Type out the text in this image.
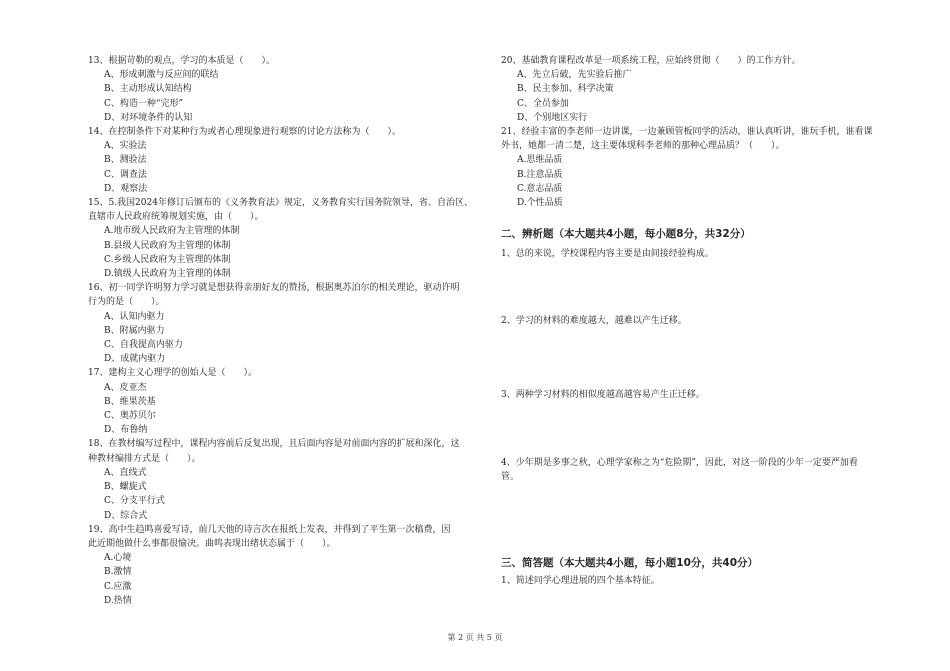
13、根据苛勒的观点，学习的本质是（　　）。
A、形成刺激与反应间的联结
B、主动形成认知结构
C、构造一种“完形”
D、对环境条件的认知
14、在控制条件下对某种行为或者心理现象进行观察的讨论方法称为（　　）。
A、实验法
B、测验法
C、调查法
D、观察法
15、5.我国2024年修订后颁布的《义务教育法》规定，义务教育实行国务院领导，省、自治区、
直辖市人民政府统筹规划实施，由（　　）。
A.地市级人民政府为主管理的体制
B.县级人民政府为主管理的体制
C.乡级人民政府为主管理的体制
D.镇级人民政府为主管理的体制
16、初一同学许明努力学习就是想获得亲朋好友的赞扬，根据奥苏泊尔的相关理论，驱动许明
行为的是（　　）。
A、认知内驱力
B、附属内驱力
C、自我提高内驱力
D、成就内驱力
17、建构主义心理学的创始人是（　　）。
A、皮亚杰
B、维果茨基
C、奥苏贝尔
D、布鲁纳
18、在教材编写过程中，课程内容前后反复出现，且后面内容是对前面内容的扩展和深化，这
种教材编排方式是（　　）。
A、直线式
B、螺旋式
C、分支平行式
D、综合式
19、高中生趋鸣喜爱写诗，前几天他的诗言次在报纸上发表，并得到了平生第一次稿费，因
此近期他做什么事都很愉决。曲鸣表现出绪状态属于（　　）。
A.心境
B.激情
C.应激
D.热情
20、基础教育课程改革是一项系统工程，应始终贯彻（　　）的工作方针。
A、先立后破，先实验后推广
B、民主参加、科学决策
C、全员参加
D、个别地区实行
21、经验丰富的李老师一边讲课，一边兼顾管板同学的活动，谁认真听讲，谁玩手机，谁看课
外书，她都一清二楚，这主要体现科李老师的那种心理品质？（　　）。
A.思维品质
B.注意品质
C.意志品质
D.个性品质
二、辨析题（本大题共4小题，每小题8分，共32分）
1、总的来说，学校课程内容主要是由间接经验构成。
2、学习的材料的难度越大，越难以产生迁移。
3、两种学习材料的相似度越高越容易产生正迁移。
4、少年期是多事之秋，心理学家称之为“危险期”，因此，对这一阶段的少年一定要严加看
管。
三、简答题（本大题共4小题，每小题10分，共40分）
1、简述同学心理进展的四个基本特征。
第 2 页 共 5 页
